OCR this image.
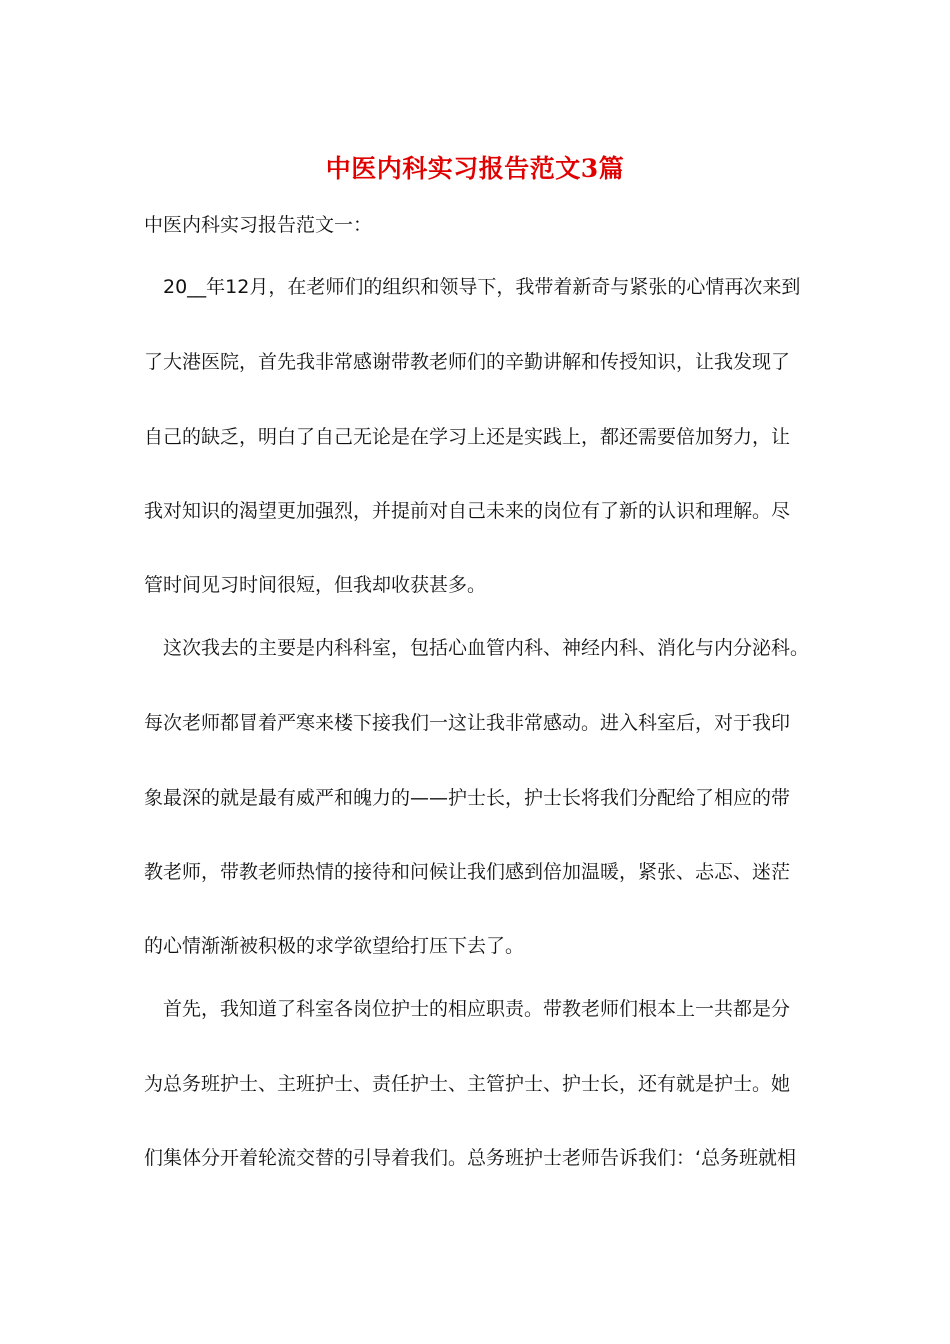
中医内科实习报告范文3篇
中医内科实习报告范文一：
20__年12月，在老师们的组织和领导下，我带着新奇与紧张的心情再次来到
了大港医院，首先我非常感谢带教老师们的辛勤讲解和传授知识，让我发现了
自己的缺乏，明白了自己无论是在学习上还是实践上，都还需要倍加努力，让
我对知识的渴望更加强烈，并提前对自己未来的岗位有了新的认识和理解。尽
管时间见习时间很短，但我却收获甚多。
这次我去的主要是内科科室，包括心血管内科、神经内科、消化与内分泌科。
每次老师都冒着严寒来楼下接我们一这让我非常感动。进入科室后，对于我印
象最深的就是最有威严和魄力的——护士长，护士长将我们分配给了相应的带
教老师，带教老师热情的接待和问候让我们感到倍加温暖，紧张、忐忑、迷茫
的心情渐渐被积极的求学欲望给打压下去了。
首先，我知道了科室各岗位护士的相应职责。带教老师们根本上一共都是分
为总务班护士、主班护士、责任护士、主管护士、护士长，还有就是护士。她
们集体分开着轮流交替的引导着我们。总务班护士老师告诉我们：‘总务班就相
